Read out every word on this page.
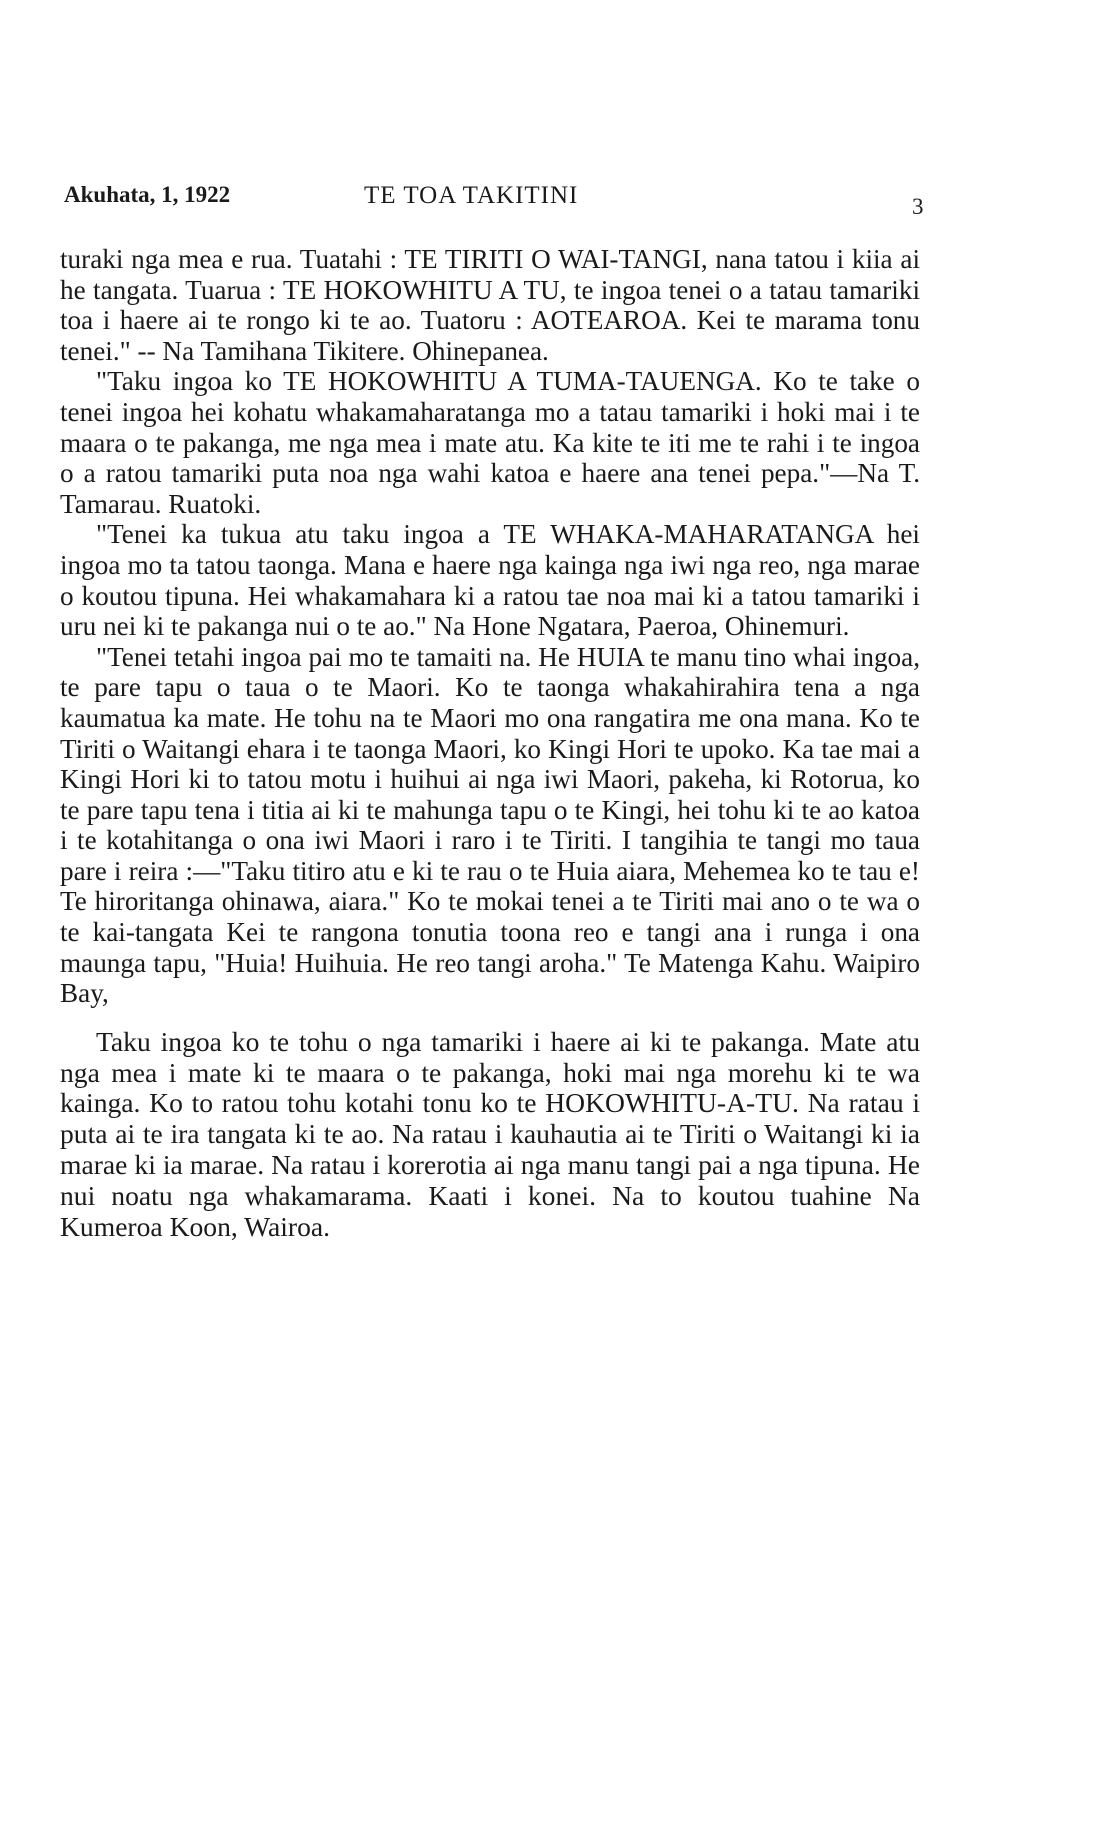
Akuhata, 1, 1922	TE TOA TAKITINI	3

turaki nga mea e rua. Tuatahi : TE TIRITI O WAI-TANGI, nana tatou i kiia ai he tangata. Tuarua : TE HOKOWHITU A TU, te ingoa tenei o a tatau tamariki toa i haere ai te rongo ki te ao. Tuatoru : AOTEAROA. Kei te marama tonu tenei." -- Na Tamihana Tikitere. Ohinepanea.

"Taku ingoa ko TE HOKOWHITU A TUMA-TAUENGA. Ko te take o tenei ingoa hei kohatu whakamaharatanga mo a tatau tamariki i hoki mai i te maara o te pakanga, me nga mea i mate atu. Ka kite te iti me te rahi i te ingoa o a ratou tamariki puta noa nga wahi katoa e haere ana tenei pepa."—Na T. Tamarau. Ruatoki.

"Tenei ka tukua atu taku ingoa a TE WHAKA-MAHARATANGA hei ingoa mo ta tatou taonga. Mana e haere nga kainga nga iwi nga reo, nga marae o koutou tipuna. Hei whakamahara ki a ratou tae noa mai ki a tatou tamariki i uru nei ki te pakanga nui o te ao." Na Hone Ngatara, Paeroa, Ohinemuri.

"Tenei tetahi ingoa pai mo te tamaiti na. He HUIA te manu tino whai ingoa, te pare tapu o taua o te Maori. Ko te taonga whakahirahira tena a nga kaumatua ka mate. He tohu na te Maori mo ona rangatira me ona mana. Ko te Tiriti o Waitangi ehara i te taonga Maori, ko Kingi Hori te upoko. Ka tae mai a Kingi Hori ki to tatou motu i huihui ai nga iwi Maori, pakeha, ki Rotorua, ko te pare tapu tena i titia ai ki te mahunga tapu o te Kingi, hei tohu ki te ao katoa i te kotahitanga o ona iwi Maori i raro i te Tiriti. I tangihia te tangi mo taua pare i reira :—"Taku titiro atu e ki te rau o te Huia aiara, Mehemea ko te tau e! Te hiroritanga ohinawa, aiara." Ko te mokai tenei a te Tiriti mai ano o te wa o te kai-tangata Kei te rangona tonutia toona reo e tangi ana i runga i ona maunga tapu, "Huia! Huihuia. He reo tangi aroha." Te Matenga Kahu. Waipiro Bay,

Taku ingoa ko te tohu o nga tamariki i haere ai ki te pakanga. Mate atu nga mea i mate ki te maara o te pakanga, hoki mai nga morehu ki te wa kainga. Ko to ratou tohu kotahi tonu ko te HOKOWHITU-A-TU. Na ratau i puta ai te ira tangata ki te ao. Na ratau i kauhautia ai te Tiriti o Waitangi ki ia marae ki ia marae. Na ratau i korerotia ai nga manu tangi pai a nga tipuna. He nui noatu nga whakamarama. Kaati i konei. Na to koutou tuahine Na Kumeroa Koon, Wairoa.
